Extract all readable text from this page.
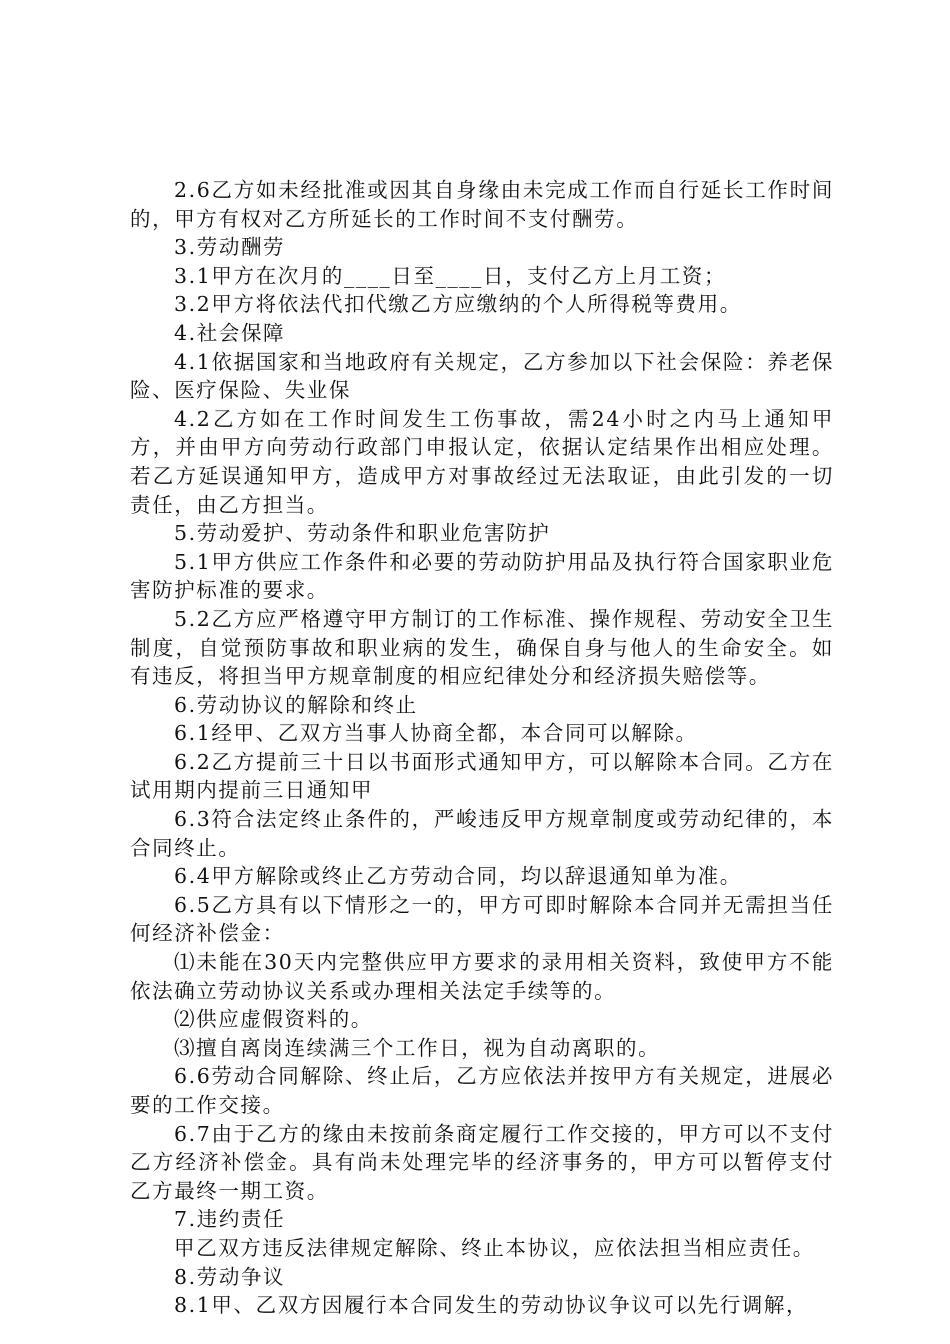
2.6乙方如未经批准或因其自身缘由未完成工作而自行延长工作时间的，甲方有权对乙方所延长的工作时间不支付酬劳。

3.劳动酬劳

3.1甲方在次月的____日至____日，支付乙方上月工资；

3.2甲方将依法代扣代缴乙方应缴纳的个人所得税等费用。

4.社会保障

4.1依据国家和当地政府有关规定，乙方参加以下社会保险：养老保险、医疗保险、失业保

4.2乙方如在工作时间发生工伤事故，需24小时之内马上通知甲方，并由甲方向劳动行政部门申报认定，依据认定结果作出相应处理。若乙方延误通知甲方，造成甲方对事故经过无法取证，由此引发的一切责任，由乙方担当。

5.劳动爱护、劳动条件和职业危害防护

5.1甲方供应工作条件和必要的劳动防护用品及执行符合国家职业危害防护标准的要求。

5.2乙方应严格遵守甲方制订的工作标准、操作规程、劳动安全卫生制度，自觉预防事故和职业病的发生，确保自身与他人的生命安全。如有违反，将担当甲方规章制度的相应纪律处分和经济损失赔偿等。

6.劳动协议的解除和终止

6.1经甲、乙双方当事人协商全都，本合同可以解除。

6.2乙方提前三十日以书面形式通知甲方，可以解除本合同。乙方在试用期内提前三日通知甲

6.3符合法定终止条件的，严峻违反甲方规章制度或劳动纪律的，本合同终止。

6.4甲方解除或终止乙方劳动合同，均以辞退通知单为准。

6.5乙方具有以下情形之一的，甲方可即时解除本合同并无需担当任何经济补偿金：

⑴未能在30天内完整供应甲方要求的录用相关资料，致使甲方不能依法确立劳动协议关系或办理相关法定手续等的。

⑵供应虚假资料的。

⑶擅自离岗连续满三个工作日，视为自动离职的。

6.6劳动合同解除、终止后，乙方应依法并按甲方有关规定，进展必要的工作交接。

6.7由于乙方的缘由未按前条商定履行工作交接的，甲方可以不支付乙方经济补偿金。具有尚未处理完毕的经济事务的，甲方可以暂停支付乙方最终一期工资。

7.违约责任

甲乙双方违反法律规定解除、终止本协议，应依法担当相应责任。

8.劳动争议

8.1甲、乙双方因履行本合同发生的劳动协议争议可以先行调解，
